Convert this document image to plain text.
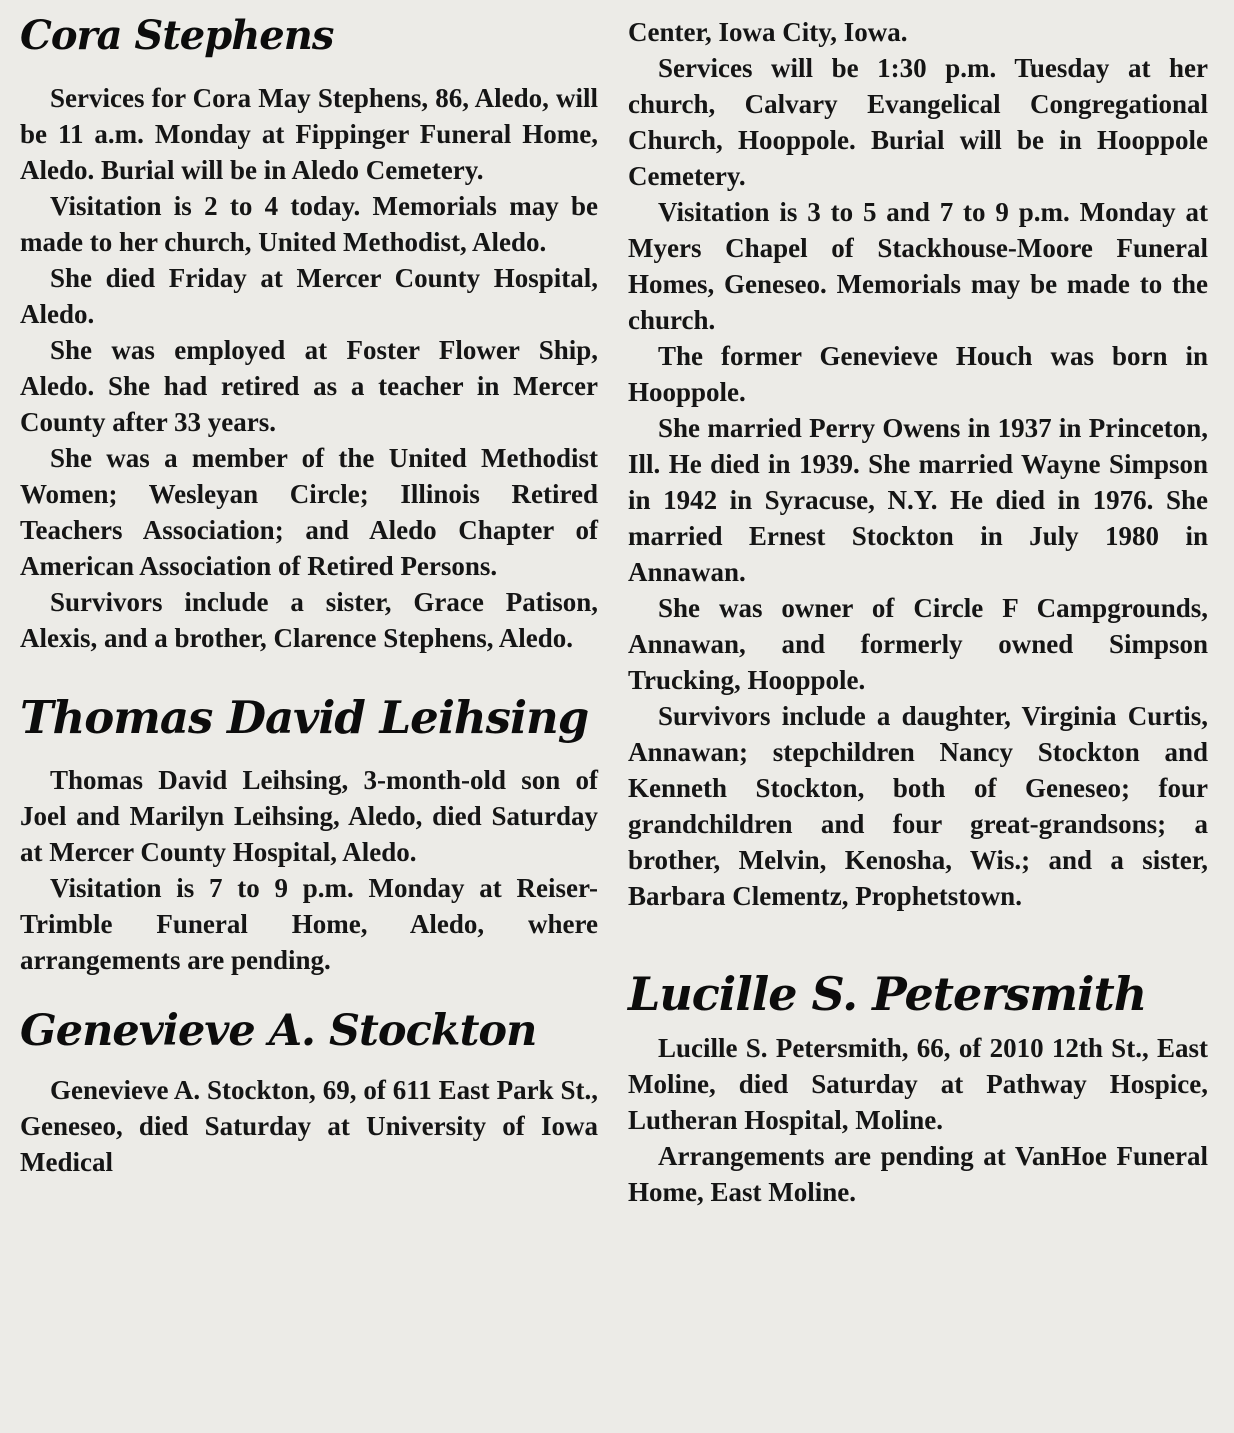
Cora Stephens

Services for Cora May Stephens, 86, Aledo, will be 11 a.m. Monday at Fippinger Funeral Home, Aledo. Burial will be in Aledo Cemetery.

Visitation is 2 to 4 today. Memorials may be made to her church, United Methodist, Aledo.

She died Friday at Mercer County Hospital, Aledo.

She was employed at Foster Flower Ship, Aledo. She had retired as a teacher in Mercer County after 33 years.

She was a member of the United Methodist Women; Wesleyan Circle; Illinois Retired Teachers Association; and Aledo Chapter of American Association of Retired Persons.

Survivors include a sister, Grace Patison, Alexis, and a brother, Clarence Stephens, Aledo.

Thomas David Leihsing

Thomas David Leihsing, 3-month-old son of Joel and Marilyn Leihsing, Aledo, died Saturday at Mercer County Hospital, Aledo.

Visitation is 7 to 9 p.m. Monday at Reiser-Trimble Funeral Home, Aledo, where arrangements are pending.

Genevieve A. Stockton

Genevieve A. Stockton, 69, of 611 East Park St., Geneseo, died Saturday at University of Iowa Medical

Center, Iowa City, Iowa.

Services will be 1:30 p.m. Tuesday at her church, Calvary Evangelical Congregational Church, Hooppole. Burial will be in Hooppole Cemetery.

Visitation is 3 to 5 and 7 to 9 p.m. Monday at Myers Chapel of Stackhouse-Moore Funeral Homes, Geneseo. Memorials may be made to the church.

The former Genevieve Houch was born in Hooppole.

She married Perry Owens in 1937 in Princeton, Ill. He died in 1939. She married Wayne Simpson in 1942 in Syracuse, N.Y. He died in 1976. She married Ernest Stockton in July 1980 in Annawan.

She was owner of Circle F Campgrounds, Annawan, and formerly owned Simpson Trucking, Hooppole.

Survivors include a daughter, Virginia Curtis, Annawan; stepchildren Nancy Stockton and Kenneth Stockton, both of Geneseo; four grandchildren and four great-grandsons; a brother, Melvin, Kenosha, Wis.; and a sister, Barbara Clementz, Prophetstown.

Lucille S. Petersmith

Lucille S. Petersmith, 66, of 2010 12th St., East Moline, died Saturday at Pathway Hospice, Lutheran Hospital, Moline.

Arrangements are pending at VanHoe Funeral Home, East Moline.
